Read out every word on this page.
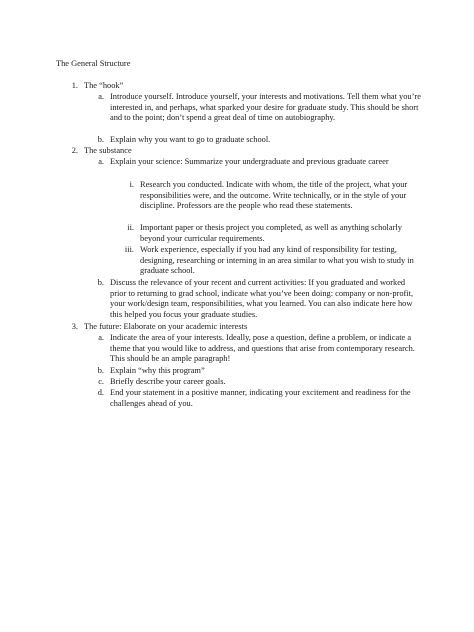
The General Structure
1. The “hook”
a. Introduce yourself. Introduce yourself, your interests and motivations. Tell them what you’re interested in, and perhaps, what sparked your desire for graduate study. This should be short and to the point; don’t spend a great deal of time on autobiography.
b. Explain why you want to go to graduate school.
2. The substance
a. Explain your science: Summarize your undergraduate and previous graduate career
i. Research you conducted. Indicate with whom, the title of the project, what your responsibilities were, and the outcome. Write technically, or in the style of your discipline. Professors are the people who read these statements.
ii. Important paper or thesis project you completed, as well as anything scholarly beyond your curricular requirements.
iii. Work experience, especially if you had any kind of responsibility for testing, designing, researching or interning in an area similar to what you wish to study in graduate school.
b. Discuss the relevance of your recent and current activities: If you graduated and worked prior to returning to grad school, indicate what you’ve been doing: company or non-profit, your work/design team, responsibilities, what you learned. You can also indicate here how this helped you focus your graduate studies.
3. The future: Elaborate on your academic interests
a. Indicate the area of your interests. Ideally, pose a question, define a problem, or indicate a theme that you would like to address, and questions that arise from contemporary research. This should be an ample paragraph!
b. Explain “why this program”
c. Briefly describe your career goals.
d. End your statement in a positive manner, indicating your excitement and readiness for the challenges ahead of you.
